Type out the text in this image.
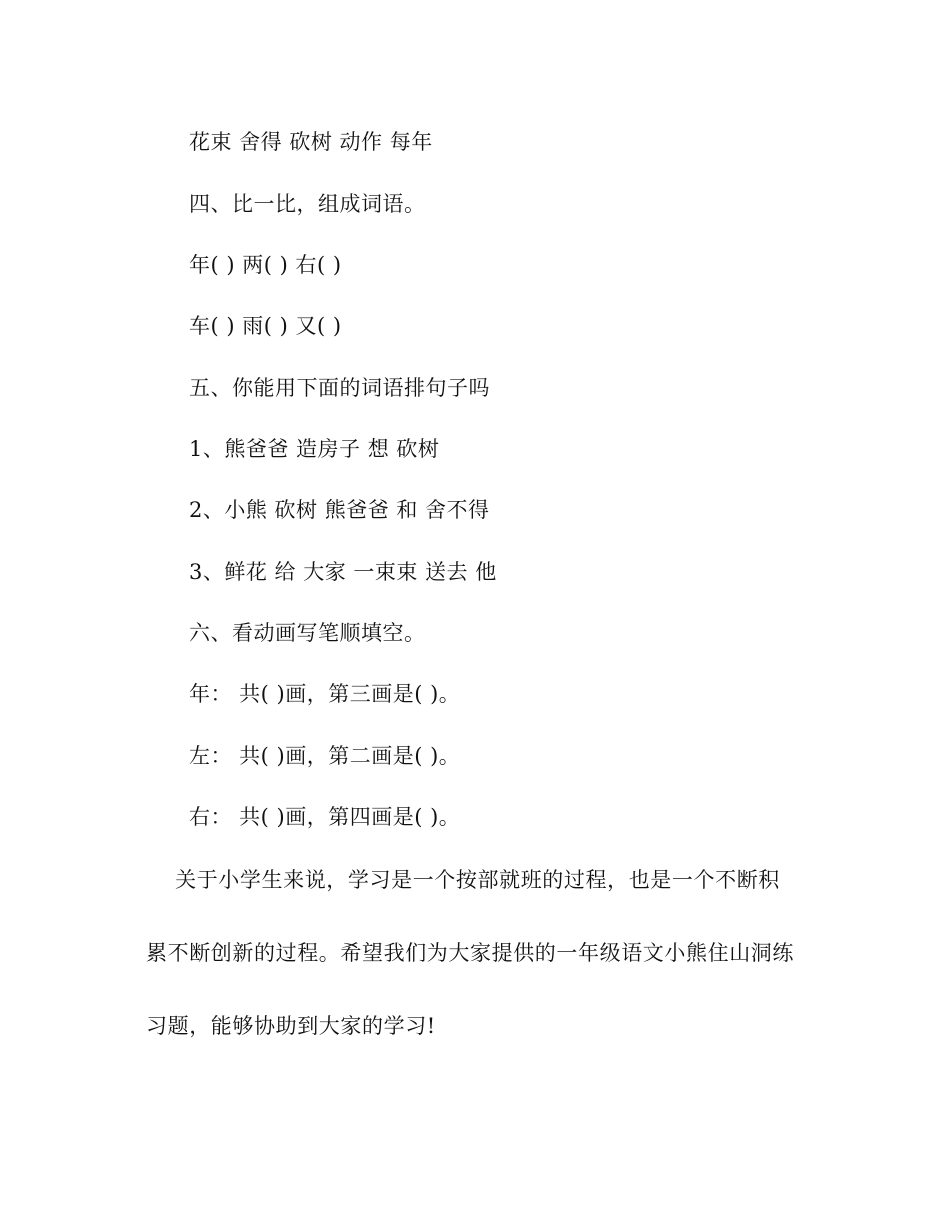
花束 舍得 砍树 动作 每年
四、比一比，组成词语。
年( ) 两( ) 右( )
车( ) 雨( ) 又( )
五、你能用下面的词语排句子吗
1、熊爸爸 造房子 想 砍树
2、小熊 砍树 熊爸爸 和 舍不得
3、鲜花 给 大家 一束束 送去 他
六、看动画写笔顺填空。
年： 共( )画，第三画是( )。
左： 共( )画，第二画是( )。
右： 共( )画，第四画是( )。
关于小学生来说，学习是一个按部就班的过程，也是一个不断积
累不断创新的过程。希望我们为大家提供的一年级语文小熊住山洞练
习题，能够协助到大家的学习!
